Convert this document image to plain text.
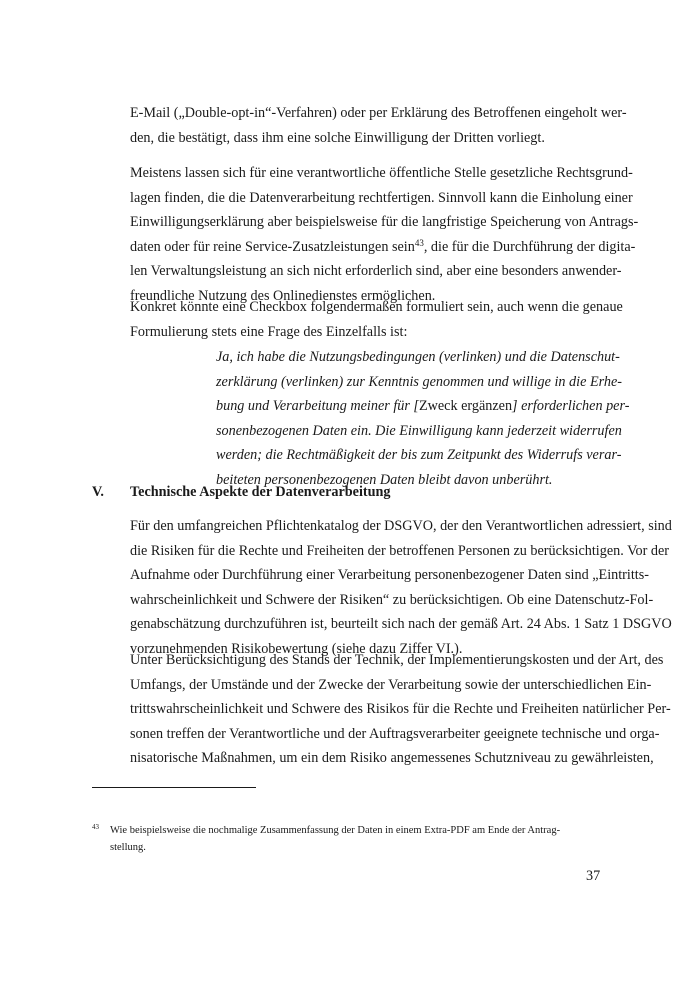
E-Mail („Double-opt-in“-Verfahren) oder per Erklärung des Betroffenen eingeholt wer-
den, die bestätigt, dass ihm eine solche Einwilligung der Dritten vorliegt.
Meistens lassen sich für eine verantwortliche öffentliche Stelle gesetzliche Rechtsgrund-
lagen finden, die die Datenverarbeitung rechtfertigen. Sinnvoll kann die Einholung einer
Einwilligungserklärung aber beispielsweise für die langfristige Speicherung von Antrags-
daten oder für reine Service-Zusatzleistungen sein$^{43}$, die für die Durchführung der digita-
len Verwaltungsleistung an sich nicht erforderlich sind, aber eine besonders anwender-
freundliche Nutzung des Onlinedienstes ermöglichen.
Konkret könnte eine Checkbox folgendermaßen formuliert sein, auch wenn die genaue
Formulierung stets eine Frage des Einzelfalls ist:
Ja, ich habe die Nutzungsbedingungen (verlinken) und die Datenschut-
zerklärung (verlinken) zur Kenntnis genommen und willige in die Erhe-
bung und Verarbeitung meiner für [Zweck ergänzen] erforderlichen per-
sonenbezogenen Daten ein. Die Einwilligung kann jederzeit widerrufen
werden; die Rechtmäßigkeit der bis zum Zeitpunkt des Widerrufs verar-
beiteten personenbezogenen Daten bleibt davon unberührt.
V. Technische Aspekte der Datenverarbeitung
Für den umfangreichen Pflichtenkatalog der DSGVO, der den Verantwortlichen adressiert, sind
die Risiken für die Rechte und Freiheiten der betroffenen Personen zu berücksichtigen. Vor der
Aufnahme oder Durchführung einer Verarbeitung personenbezogener Daten sind „Eintritts-
wahrscheinlichkeit und Schwere der Risiken“ zu berücksichtigen. Ob eine Datenschutz-Fol-
genabschätzung durchzuführen ist, beurteilt sich nach der gemäß Art. 24 Abs. 1 Satz 1 DSGVO
vorzunehmenden Risikobewertung (siehe dazu Ziffer VI.).
Unter Berücksichtigung des Stands der Technik, der Implementierungskosten und der Art, des
Umfangs, der Umstände und der Zwecke der Verarbeitung sowie der unterschiedlichen Ein-
trittswahrscheinlichkeit und Schwere des Risikos für die Rechte und Freiheiten natürlicher Per-
sonen treffen der Verantwortliche und der Auftragsverarbeiter geeignete technische und orga-
nisatorische Maßnahmen, um ein dem Risiko angemessenes Schutzniveau zu gewährleisten,
43 Wie beispielsweise die nochmalige Zusammenfassung der Daten in einem Extra-PDF am Ende der Antrag-
stellung.
37
